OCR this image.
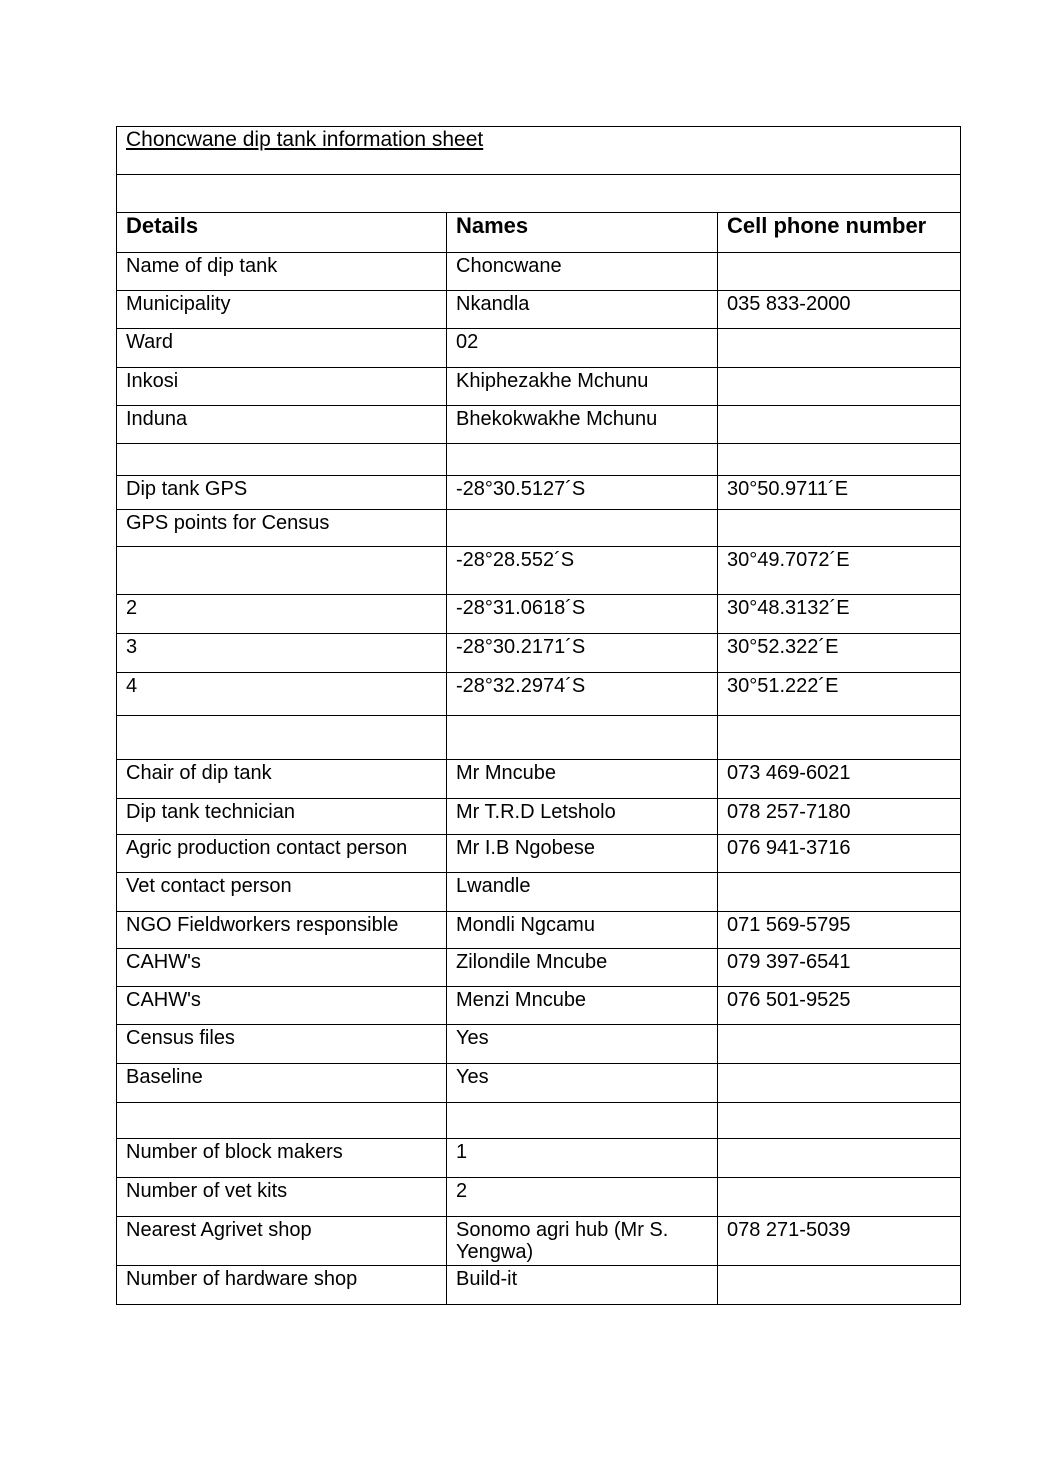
Choncwane dip tank information sheet		

Details	Names	Cell phone number
Name of dip tank	Choncwane	
Municipality	Nkandla	035 833-2000
Ward	02	
Inkosi	Khiphezakhe Mchunu	
Induna	Bhekokwakhe Mchunu	

Dip tank GPS	-28°30.5127´S	30°50.9711´E
GPS points for Census		
	-28°28.552´S	30°49.7072´E
2	-28°31.0618´S	30°48.3132´E
3	-28°30.2171´S	30°52.322´E
4	-28°32.2974´S	30°51.222´E

Chair of dip tank	Mr Mncube	073 469-6021
Dip tank technician	Mr T.R.D Letsholo	078 257-7180
Agric production contact person	Mr I.B Ngobese	076 941-3716
Vet contact person	Lwandle	
NGO Fieldworkers responsible	Mondli Ngcamu	071 569-5795
CAHW's	Zilondile Mncube	079 397-6541
CAHW's	Menzi Mncube	076 501-9525
Census files	Yes	
Baseline	Yes	

Number of block makers	1	
Number of vet kits	2	
Nearest Agrivet shop	Sonomo agri hub (Mr S. Yengwa)	078 271-5039
Number of hardware shop	Build-it	
